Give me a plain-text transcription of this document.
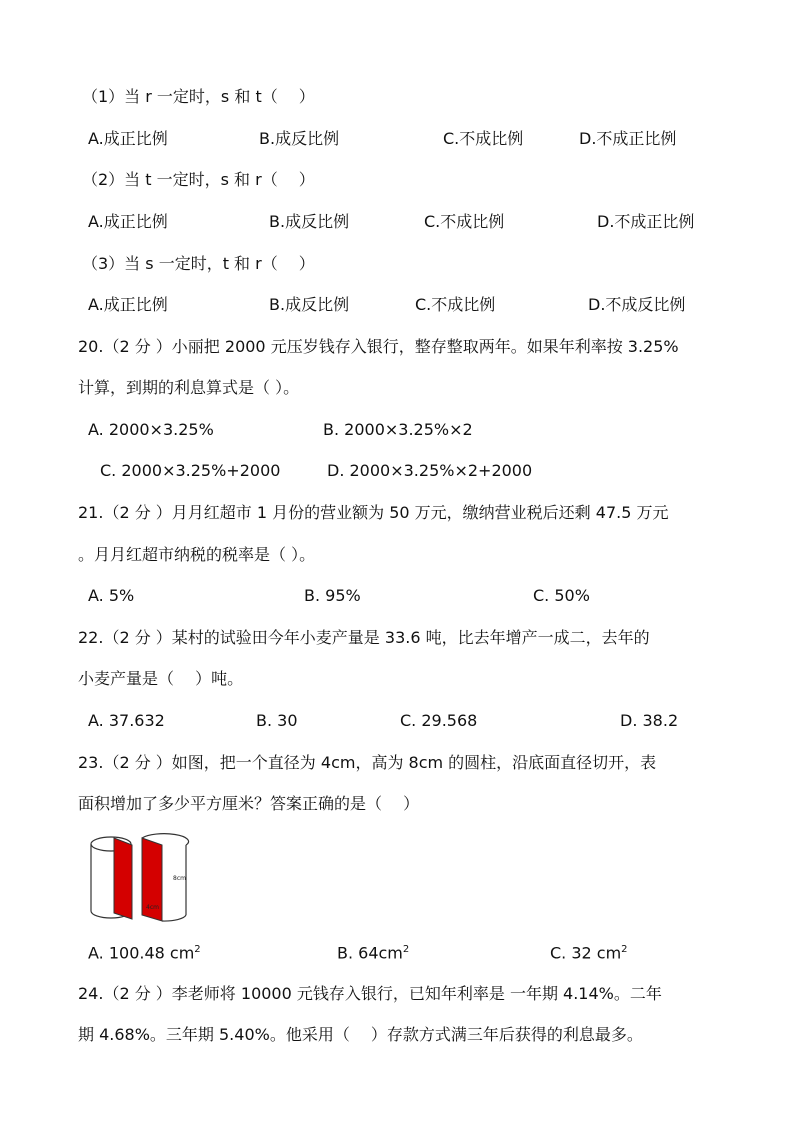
（1）当 r 一定时，s 和 t（　 ）
A.成正比例	B.成反比例	C.不成比例	D.不成正比例
（2）当 t 一定时，s 和 r（　 ）
A.成正比例	B.成反比例	C.不成比例	D.不成正比例
（3）当 s 一定时，t 和 r（　 ）
A.成正比例	B.成反比例	C.不成比例	D.不成反比例
20.（2 分 ）小丽把 2000 元压岁钱存入银行，整存整取两年。如果年利率按 3.25%
计算，到期的利息算式是（ ）。
A. 2000×3.25%	B. 2000×3.25%×2
C. 2000×3.25%+2000	D. 2000×3.25%×2+2000
21.（2 分 ）月月红超市 1 月份的营业额为 50 万元，缴纳营业税后还剩 47.5 万元
。月月红超市纳税的税率是（ ）。
A. 5%	B. 95%	C. 50%
22.（2 分 ）某村的试验田今年小麦产量是 33.6 吨，比去年增产一成二，去年的
小麦产量是（　 ）吨。
A. 37.632	B. 30	C. 29.568	D. 38.2
23.（2 分 ）如图，把一个直径为 4cm，高为 8cm 的圆柱，沿底面直径切开，表
面积增加了多少平方厘米？答案正确的是（　 ）
8cm
4cm
A. 100.48 $cm^2$	B. $64cm^2$	C. 32 $cm^2$
24.（2 分 ）李老师将 10000 元钱存入银行，已知年利率是 一年期 4.14%。二年
期 4.68%。三年期 5.40%。他采用（　 ）存款方式满三年后获得的利息最多。
